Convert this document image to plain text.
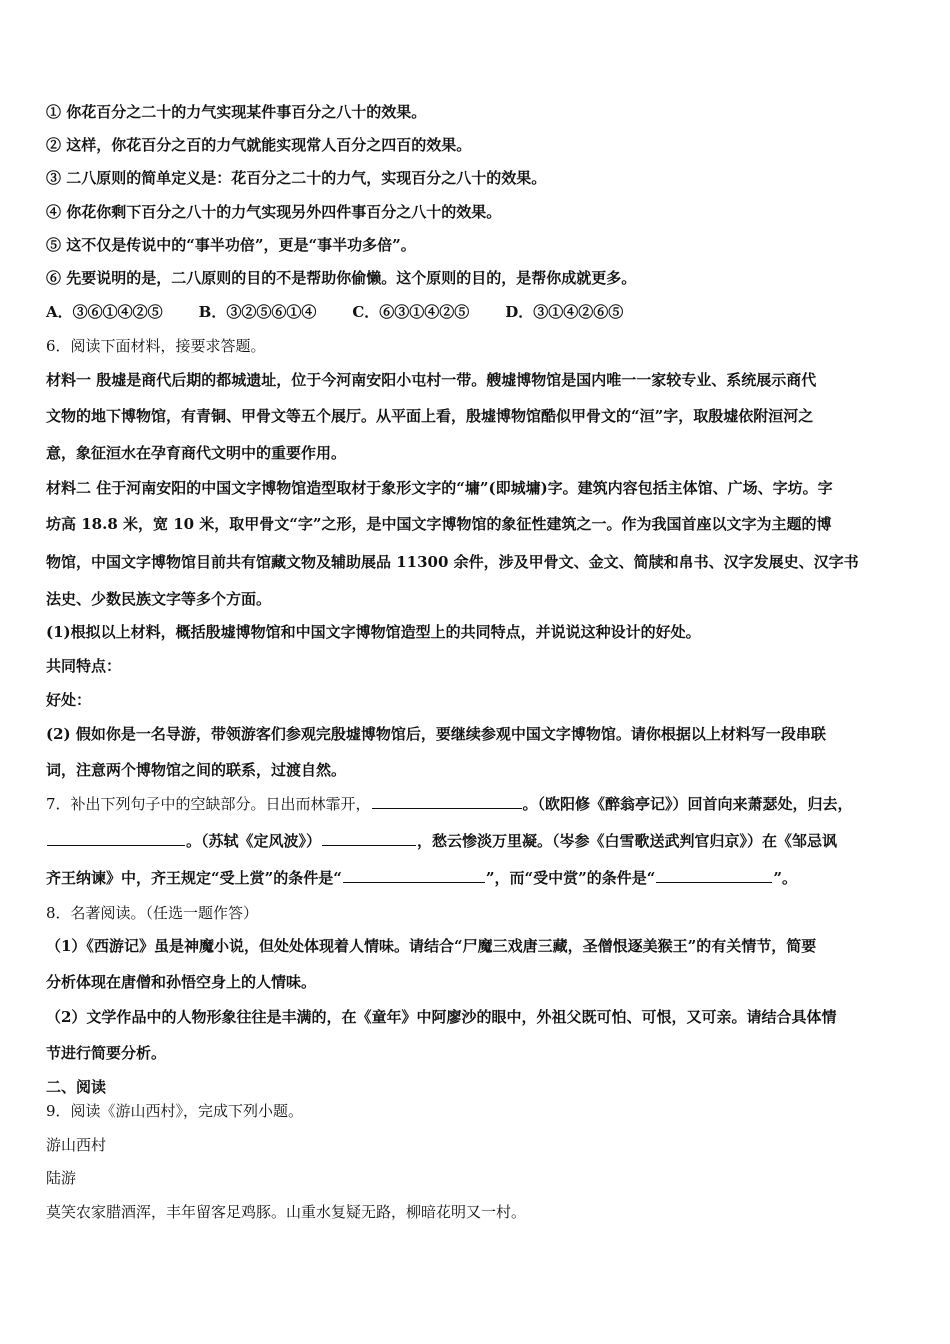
① 你花百分之二十的力气实现某件事百分之八十的效果。
② 这样，你花百分之百的力气就能实现常人百分之四百的效果。
③ 二八原则的简单定义是：花百分之二十的力气，实现百分之八十的效果。
④ 你花你剩下百分之八十的力气实现另外四件事百分之八十的效果。
⑤ 这不仅是传说中的“事半功倍”，更是“事半功多倍”。
⑥ 先要说明的是，二八原则的目的不是帮助你偷懒。这个原则的目的，是帮你成就更多。
A．③⑥①④②⑤ B．③②⑤⑥①④ C．⑥③①④②⑤ D．③①④②⑥⑤
6．阅读下面材料，接要求答题。
材料一 殷墟是商代后期的都城遗址，位于今河南安阳小屯村一带。艘墟博物馆是国内唯一一家较专业、系统展示商代
文物的地下博物馆，有青铜、甲骨文等五个展厅。从平面上看，殷墟博物馆酷似甲骨文的“洹”字，取殷墟依附洹河之
意，象征洹水在孕育商代文明中的重要作用。
材料二 住于河南安阳的中国文字博物馆造型取材于象形文字的“墉”(即城墉)字。建筑内容包括主体馆、广场、字坊。字
坊高 18.8 米，宽 10 米，取甲骨文“字”之形，是中国文字博物馆的象征性建筑之一。作为我国首座以文字为主题的博
物馆，中国文字博物馆目前共有馆藏文物及辅助展品 11300 余件，涉及甲骨文、金文、简牍和帛书、汉字发展史、汉字书
法史、少数民族文字等多个方面。
(1)根拟以上材料，概括殷墟博物馆和中国文字博物馆造型上的共同特点，并说说这种设计的好处。
共同特点：
好处：
(2) 假如你是一名导游，带领游客们参观完殷墟博物馆后，要继续参观中国文字博物馆。请你根据以上材料写一段串联
词，注意两个博物馆之间的联系，过渡自然。
7．补出下列句子中的空缺部分。日出而林霏开，	。（欧阳修《醉翁亭记》）回首向来萧瑟处，归去，
。（苏轼《定风波》）	，愁云惨淡万里凝。（岑参《白雪歌送武判官归京》）在《邹忌讽
齐王纳谏》中，齐王规定“受上赏”的条件是“	”，而“受中赏”的条件是“	”。
8．名著阅读。（任选一题作答）
（1）《西游记》虽是神魔小说，但处处体现着人情味。请结合“尸魔三戏唐三藏，圣僧恨逐美猴王”的有关情节，简要
分析体现在唐僧和孙悟空身上的人情味。
（2）文学作品中的人物形象往往是丰满的，在《童年》中阿廖沙的眼中，外祖父既可怕、可恨，又可亲。请结合具体情
节进行简要分析。
二、阅读
9．阅读《游山西村》，完成下列小题。
游山西村
陆游
莫笑农家腊酒浑，丰年留客足鸡豚。山重水复疑无路，柳暗花明又一村。
